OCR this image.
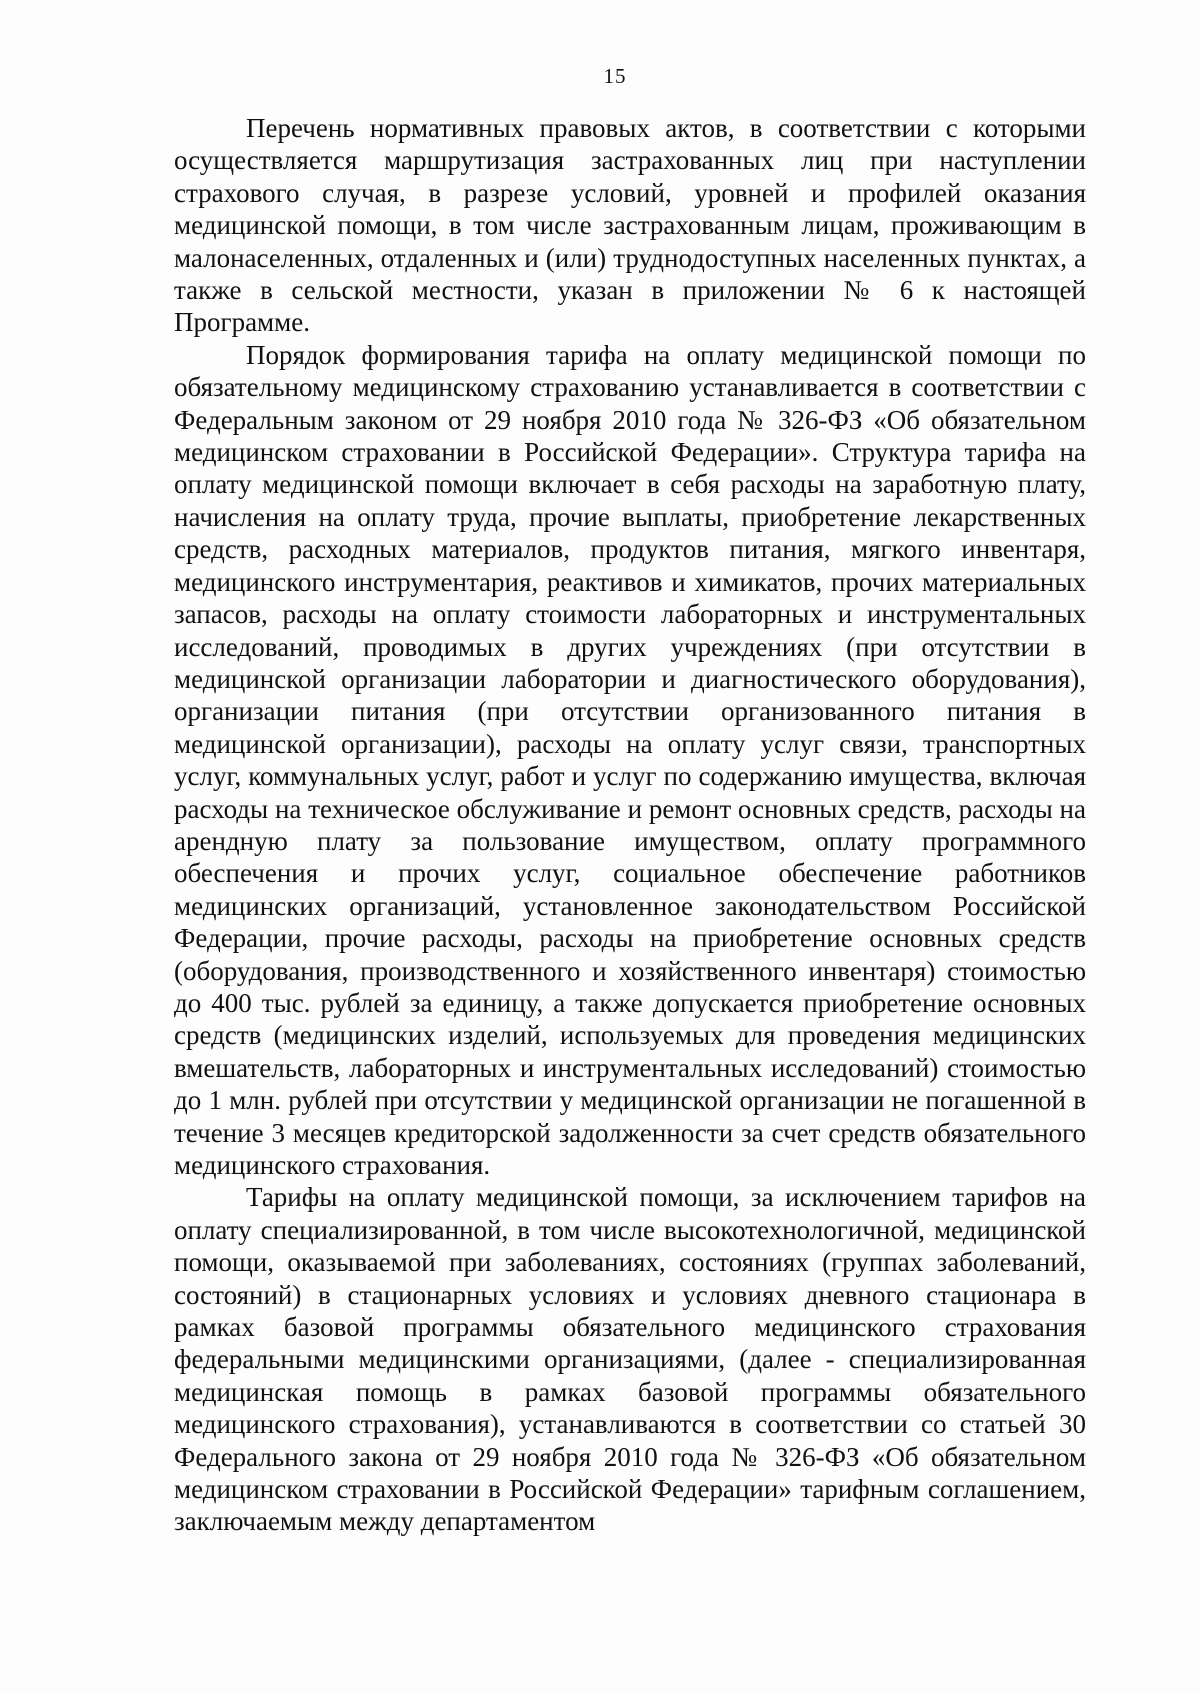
15

Перечень нормативных правовых актов, в соответствии с которыми осуществляется маршрутизация застрахованных лиц при наступлении страхового случая, в разрезе условий, уровней и профилей оказания медицинской помощи, в том числе застрахованным лицам, проживающим в малонаселенных, отдаленных и (или) труднодоступных населенных пунктах, а также в сельской местности, указан в приложении № 6 к настоящей Программе.

Порядок формирования тарифа на оплату медицинской помощи по обязательному медицинскому страхованию устанавливается в соответствии с Федеральным законом от 29 ноября 2010 года № 326-ФЗ «Об обязательном медицинском страховании в Российской Федерации». Структура тарифа на оплату медицинской помощи включает в себя расходы на заработную плату, начисления на оплату труда, прочие выплаты, приобретение лекарственных средств, расходных материалов, продуктов питания, мягкого инвентаря, медицинского инструментария, реактивов и химикатов, прочих материальных запасов, расходы на оплату стоимости лабораторных и инструментальных исследований, проводимых в других учреждениях (при отсутствии в медицинской организации лаборатории и диагностического оборудования), организации питания (при отсутствии организованного питания в медицинской организации), расходы на оплату услуг связи, транспортных услуг, коммунальных услуг, работ и услуг по содержанию имущества, включая расходы на техническое обслуживание и ремонт основных средств, расходы на арендную плату за пользование имуществом, оплату программного обеспечения и прочих услуг, социальное обеспечение работников медицинских организаций, установленное законодательством Российской Федерации, прочие расходы, расходы на приобретение основных средств (оборудования, производственного и хозяйственного инвентаря) стоимостью до 400 тыс. рублей за единицу, а также допускается приобретение основных средств (медицинских изделий, используемых для проведения медицинских вмешательств, лабораторных и инструментальных исследований) стоимостью до 1 млн. рублей при отсутствии у медицинской организации не погашенной в течение 3 месяцев кредиторской задолженности за счет средств обязательного медицинского страхования.

Тарифы на оплату медицинской помощи, за исключением тарифов на оплату специализированной, в том числе высокотехнологичной, медицинской помощи, оказываемой при заболеваниях, состояниях (группах заболеваний, состояний) в стационарных условиях и условиях дневного стационара в рамках базовой программы обязательного медицинского страхования федеральными медицинскими организациями, (далее - специализированная медицинская помощь в рамках базовой программы обязательного медицинского страхования), устанавливаются в соответствии со статьей 30 Федерального закона от 29 ноября 2010 года № 326-ФЗ «Об обязательном медицинском страховании в Российской Федерации» тарифным соглашением, заключаемым между департаментом
